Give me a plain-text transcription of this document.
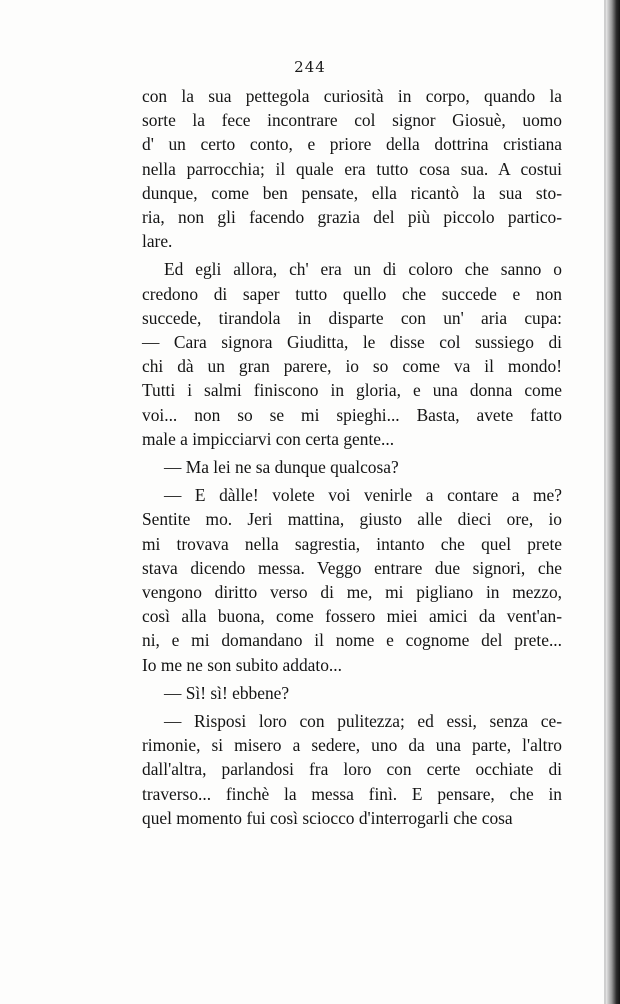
244
con la sua pettegola curiosità in corpo, quando la
sorte la fece incontrare col signor Giosuè, uomo
d' un certo conto, e priore della dottrina cristiana
nella parrocchia; il quale era tutto cosa sua. A costui
dunque, come ben pensate, ella ricantò la sua sto-
ria, non gli facendo grazia del più piccolo partico-
lare.
Ed egli allora, ch' era un di coloro che sanno o
credono di saper tutto quello che succede e non
succede, tirandola in disparte con un' aria cupa:
— Cara signora Giuditta, le disse col sussiego di
chi dà un gran parere, io so come va il mondo!
Tutti i salmi finiscono in gloria, e una donna come
voi... non so se mi spieghi... Basta, avete fatto
male a impicciarvi con certa gente...
— Ma lei ne sa dunque qualcosa?
— E dàlle! volete voi venirle a contare a me?
Sentite mo. Jeri mattina, giusto alle dieci ore, io
mi trovava nella sagrestia, intanto che quel prete
stava dicendo messa. Veggo entrare due signori, che
vengono diritto verso di me, mi pigliano in mezzo,
così alla buona, come fossero miei amici da vent'an-
ni, e mi domandano il nome e cognome del prete...
Io me ne son subito addato...
— Sì! sì! ebbene?
— Risposi loro con pulitezza; ed essi, senza ce-
rimonie, si misero a sedere, uno da una parte, l'altro
dall'altra, parlandosi fra loro con certe occhiate di
traverso... finchè la messa finì. E pensare, che in
quel momento fui così sciocco d'interrogarli che cosa
